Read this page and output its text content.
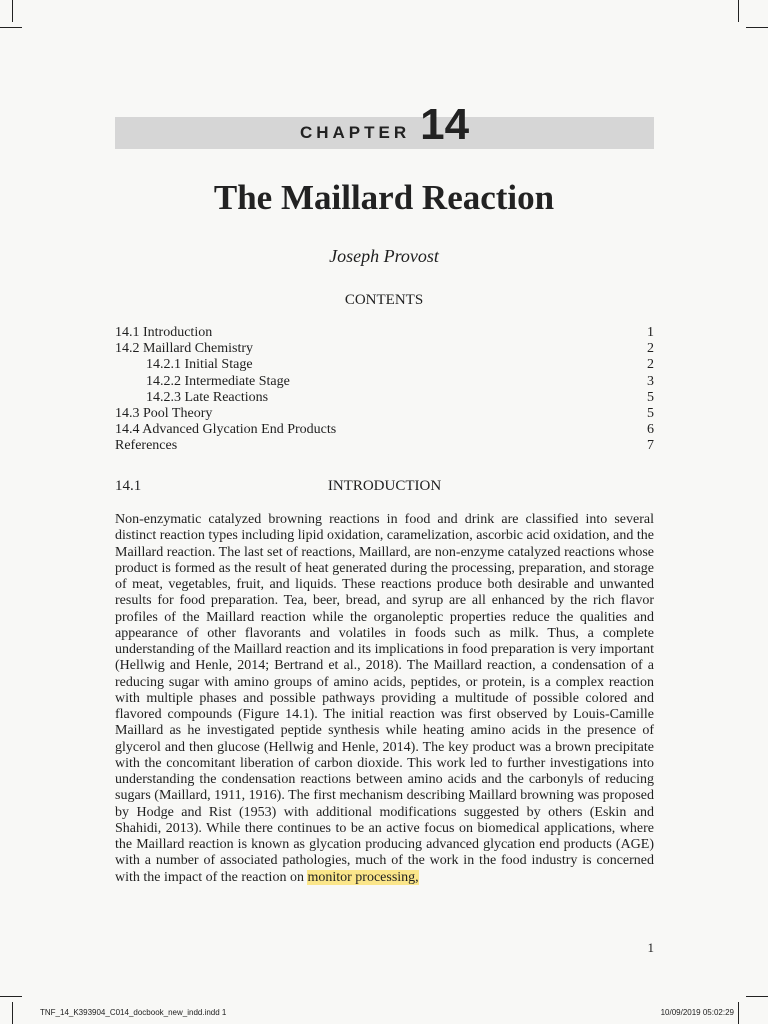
CHAPTER 14
The Maillard Reaction
Joseph Provost
CONTENTS
14.1 Introduction	1
14.2 Maillard Chemistry	2
14.2.1 Initial Stage	2
14.2.2 Intermediate Stage	3
14.2.3 Late Reactions	5
14.3 Pool Theory	5
14.4 Advanced Glycation End Products	6
References	7
14.1	INTRODUCTION

Non-enzymatic catalyzed browning reactions in food and drink are classified into several distinct reaction types including lipid oxidation, caramelization, ascorbic acid oxidation, and the Maillard reaction. The last set of reactions, Maillard, are non-enzyme catalyzed reactions whose product is formed as the result of heat generated during the processing, preparation, and storage of meat, vegetables, fruit, and liquids. These reactions produce both desirable and unwanted results for food preparation. Tea, beer, bread, and syrup are all enhanced by the rich flavor profiles of the Maillard reaction while the organoleptic properties reduce the qualities and appearance of other flavorants and volatiles in foods such as milk. Thus, a complete understanding of the Maillard reaction and its implications in food preparation is very important (Hellwig and Henle, 2014; Bertrand et al., 2018). The Maillard reaction, a condensation of a reducing sugar with amino groups of amino acids, peptides, or protein, is a complex reaction with multiple phases and possible pathways providing a multitude of possible colored and flavored compounds (Figure 14.1). The initial reaction was first observed by Louis-Camille Maillard as he investigated peptide synthesis while heating amino acids in the presence of glycerol and then glucose (Hellwig and Henle, 2014). The key product was a brown precipitate with the concomitant liberation of carbon dioxide. This work led to further investigations into understanding the condensation reactions between amino acids and the carbonyls of reducing sugars (Maillard, 1911, 1916). The first mechanism describing Maillard browning was proposed by Hodge and Rist (1953) with additional modifications suggested by others (Eskin and Shahidi, 2013). While there continues to be an active focus on biomedical applications, where the Maillard reaction is known as glycation producing advanced glycation end products (AGE) with a number of associated pathologies, much of the work in the food industry is concerned with the impact of the reaction on monitor processing,

1
TNF_14_K393904_C014_docbook_new_indd.indd 1	10/09/2019 05:02:29
